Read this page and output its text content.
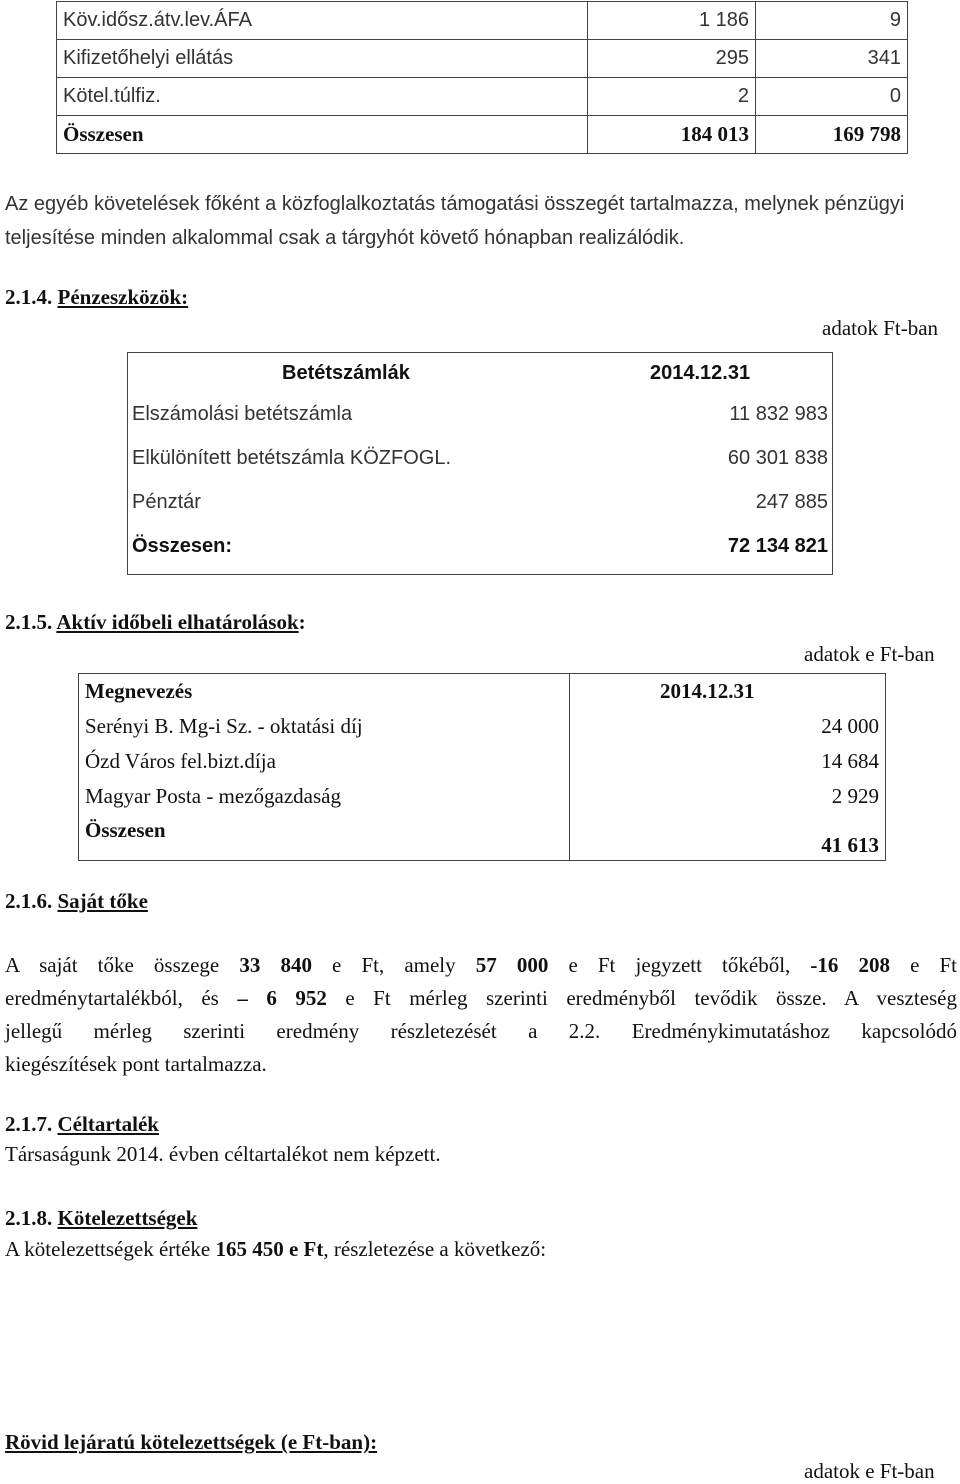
Köv.idősz.átv.lev.ÁFA	1 186	9
Kifizetőhelyi ellátás	295	341
Kötel.túlfiz.	2	0
Összesen	184 013	169 798
Az egyéb követelések főként a közfoglalkoztatás támogatási összegét tartalmazza, melynek pénzügyi teljesítése minden alkalommal csak a tárgyhót követő hónapban realizálódik.
2.1.4. Pénzeszközök:
adatok Ft-ban
Betétszámlák	2014.12.31
Elszámolási betétszámla	11 832 983
Elkülönített betétszámla KÖZFOGL.	60 301 838
Pénztár	247 885
Összesen:	72 134 821
2.1.5. Aktív időbeli elhatárolások:
adatok e Ft-ban
Megnevezés	2014.12.31
Serényi B. Mg-i Sz. - oktatási díj	24 000
Ózd Város fel.bizt.díja	14 684
Magyar Posta - mezőgazdaság	2 929
Összesen	41 613
2.1.6. Saját tőke
A saját tőke összege 33 840 e Ft, amely 57 000 e Ft jegyzett tőkéből, -16 208 e Ft
eredménytartalékból, és – 6 952 e Ft mérleg szerinti eredményből tevődik össze. A veszteség
jellegű mérleg szerinti eredmény részletezését a 2.2. Eredménykimutatáshoz kapcsolódó
kiegészítések pont tartalmazza.
2.1.7. Céltartalék
Társaságunk 2014. évben céltartalékot nem képzett.
2.1.8. Kötelezettségek
A kötelezettségek értéke 165 450 e Ft, részletezése a következő:
Rövid lejáratú kötelezettségek (e Ft-ban):
adatok e Ft-ban
